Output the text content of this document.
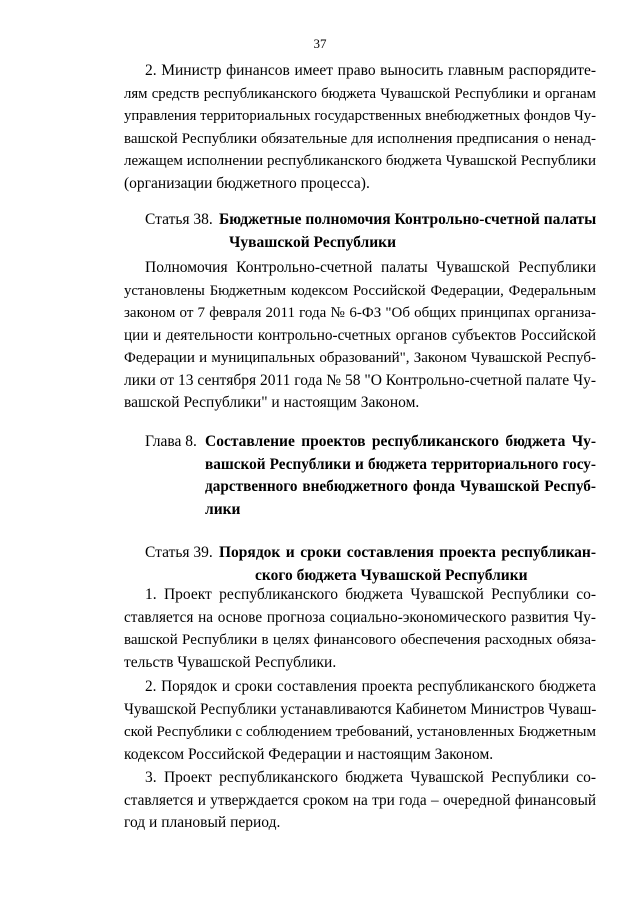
37
2. Министр финансов имеет право выносить главным распорядите-
лям средств республиканского бюджета Чувашской Республики и органам
управления территориальных государственных внебюджетных фондов Чу-
вашской Республики обязательные для исполнения предписания о ненад-
лежащем исполнении республиканского бюджета Чувашской Республики
(организации бюджетного процесса).
Статья 38. Бюджетные полномочия Контрольно-счетной палаты
Чувашской Республики
Полномочия Контрольно-счетной палаты Чувашской Республики
установлены Бюджетным кодексом Российской Федерации, Федеральным
законом от 7 февраля 2011 года № 6-ФЗ "Об общих принципах организа-
ции и деятельности контрольно-счетных органов субъектов Российской
Федерации и муниципальных образований", Законом Чувашской Респуб-
лики от 13 сентября 2011 года № 58 "О Контрольно-счетной палате Чу-
вашской Республики" и настоящим Законом.
Глава 8. Составление проектов республиканского бюджета Чу-
вашской Республики и бюджета территориального госу-
дарственного внебюджетного фонда Чувашской Респуб-
лики
Статья 39. Порядок и сроки составления проекта республикан-
ского бюджета Чувашской Республики
1. Проект республиканского бюджета Чувашской Республики со-
ставляется на основе прогноза социально-экономического развития Чу-
вашской Республики в целях финансового обеспечения расходных обяза-
тельств Чувашской Республики.
2. Порядок и сроки составления проекта республиканского бюджета
Чувашской Республики устанавливаются Кабинетом Министров Чуваш-
ской Республики с соблюдением требований, установленных Бюджетным
кодексом Российской Федерации и настоящим Законом.
3. Проект республиканского бюджета Чувашской Республики со-
ставляется и утверждается сроком на три года – очередной финансовый
год и плановый период.
